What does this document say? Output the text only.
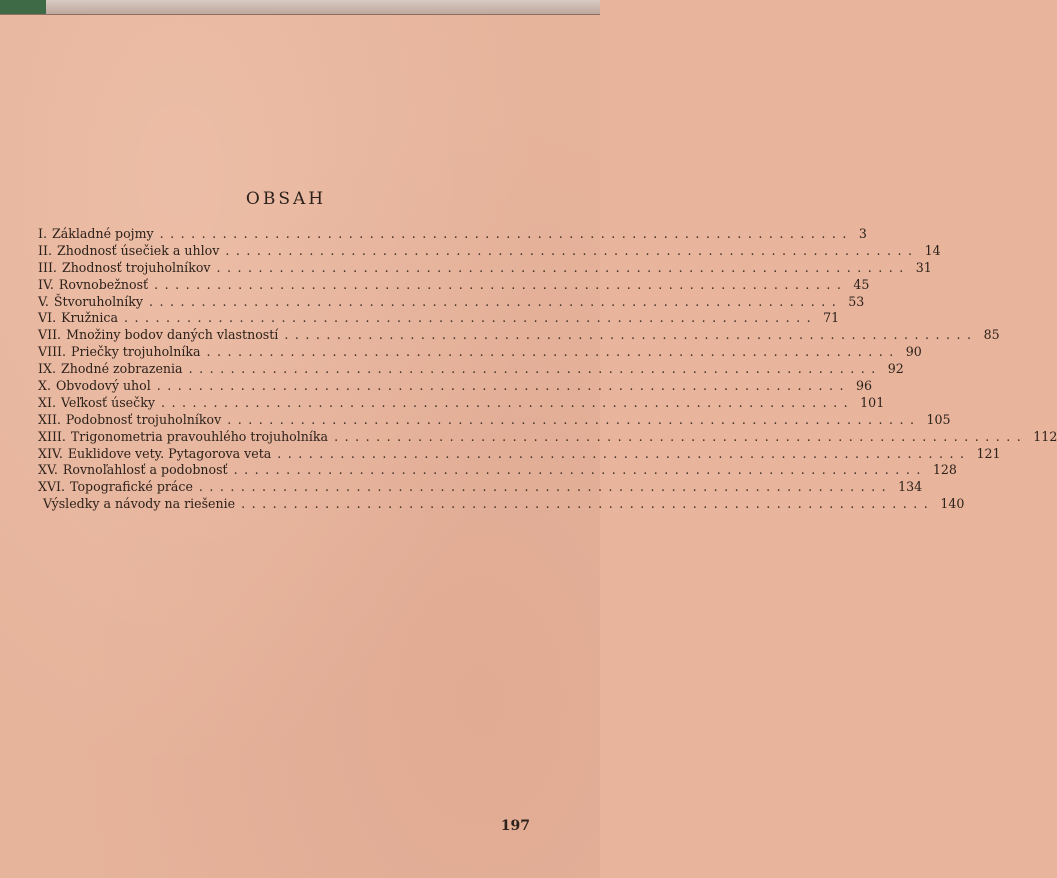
OBSAH
I. Základné pojmy .................................................................. 3
II. Zhodnosť úsečiek a uhlov .................................................................. 14
III. Zhodnosť trojuholníkov .................................................................. 31
IV. Rovnobežnosť .................................................................. 45
V. Štvoruholníky .................................................................. 53
VI. Kružnica .................................................................. 71
VII. Množiny bodov daných vlastností .................................................................. 85
VIII. Priečky trojuholníka .................................................................. 90
IX. Zhodné zobrazenia .................................................................. 92
X. Obvodový uhol .................................................................. 96
XI. Veľkosť úsečky .................................................................. 101
XII. Podobnosť trojuholníkov .................................................................. 105
XIII. Trigonometria pravouhlého trojuholníka .................................................................. 112
XIV. Euklidove vety. Pytagorova veta .................................................................. 121
XV. Rovnoľahlosť a podobnosť .................................................................. 128
XVI. Topografické práce .................................................................. 134
Výsledky a návody na riešenie .................................................................. 140
197
